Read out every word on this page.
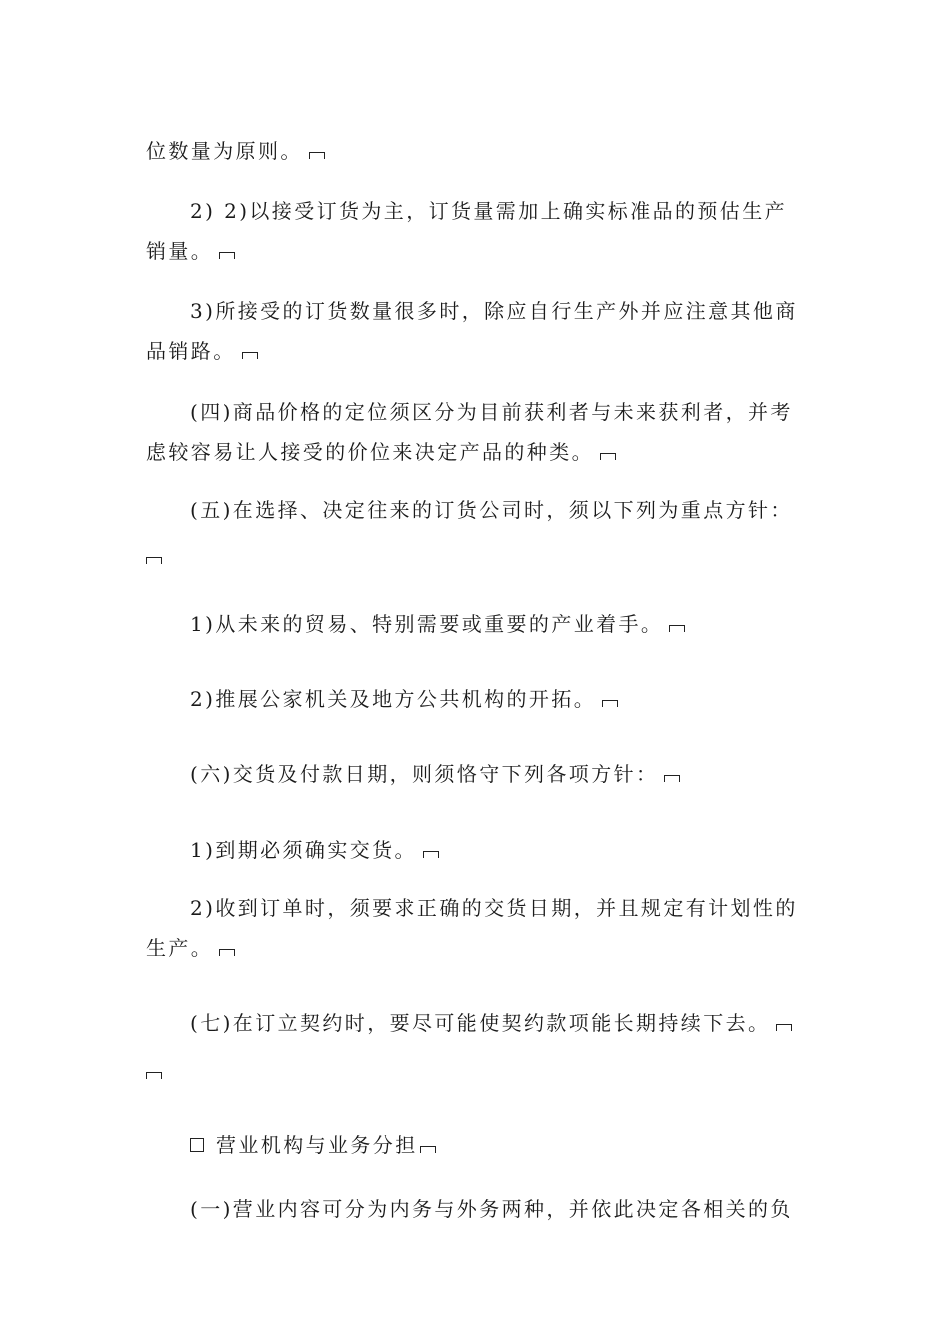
位数量为原则。
2) 2)以接受订货为主，订货量需加上确实标准品的预估生产销量。
3)所接受的订货数量很多时，除应自行生产外并应注意其他商品销路。
(四)商品价格的定位须区分为目前获利者与未来获利者，并考虑较容易让人接受的价位来决定产品的种类。
(五)在选择、决定往来的订货公司时，须以下列为重点方针：
1)从未来的贸易、特别需要或重要的产业着手。
2)推展公家机关及地方公共机构的开拓。
(六)交货及付款日期，则须恪守下列各项方针：
1)到期必须确实交货。
2)收到订单时，须要求正确的交货日期，并且规定有计划性的生产。
(七)在订立契约时，要尽可能使契约款项能长期持续下去。
营业机构与业务分担
(一)营业内容可分为内务与外务两种，并依此决定各相关的负
